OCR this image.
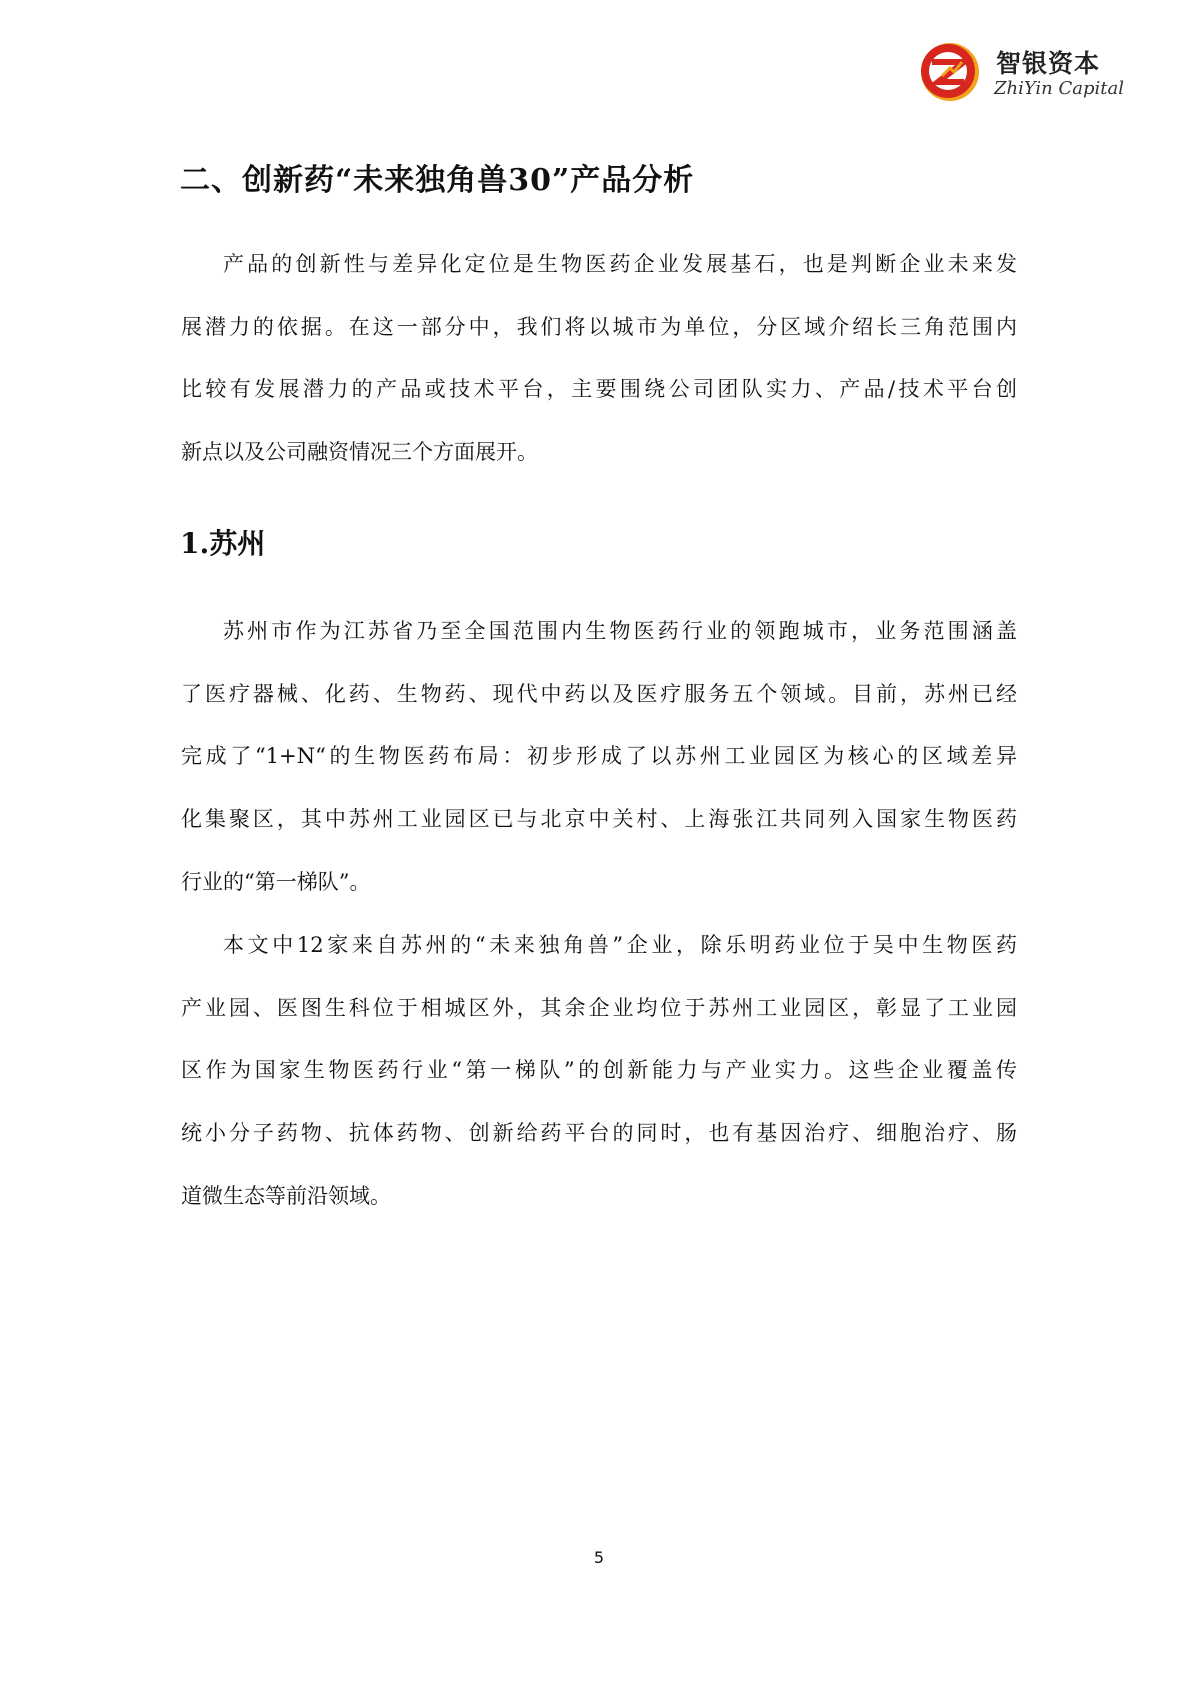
智银资本
ZhiYin Capital
二、创新药“未来独角兽30”产品分析
产品的创新性与差异化定位是生物医药企业发展基石，也是判断企业未来发
展潜力的依据。在这一部分中，我们将以城市为单位，分区域介绍长三角范围内
比较有发展潜力的产品或技术平台，主要围绕公司团队实力、产品/技术平台创
新点以及公司融资情况三个方面展开。
1.苏州
苏州市作为江苏省乃至全国范围内生物医药行业的领跑城市，业务范围涵盖
了医疗器械、化药、生物药、现代中药以及医疗服务五个领域。目前，苏州已经
完成了“1+N“的生物医药布局：初步形成了以苏州工业园区为核心的区域差异
化集聚区，其中苏州工业园区已与北京中关村、上海张江共同列入国家生物医药
行业的“第一梯队”。
本文中12家来自苏州的“未来独角兽”企业，除乐明药业位于吴中生物医药
产业园、医图生科位于相城区外，其余企业均位于苏州工业园区，彰显了工业园
区作为国家生物医药行业“第一梯队”的创新能力与产业实力。这些企业覆盖传
统小分子药物、抗体药物、创新给药平台的同时，也有基因治疗、细胞治疗、肠
道微生态等前沿领域。
5
